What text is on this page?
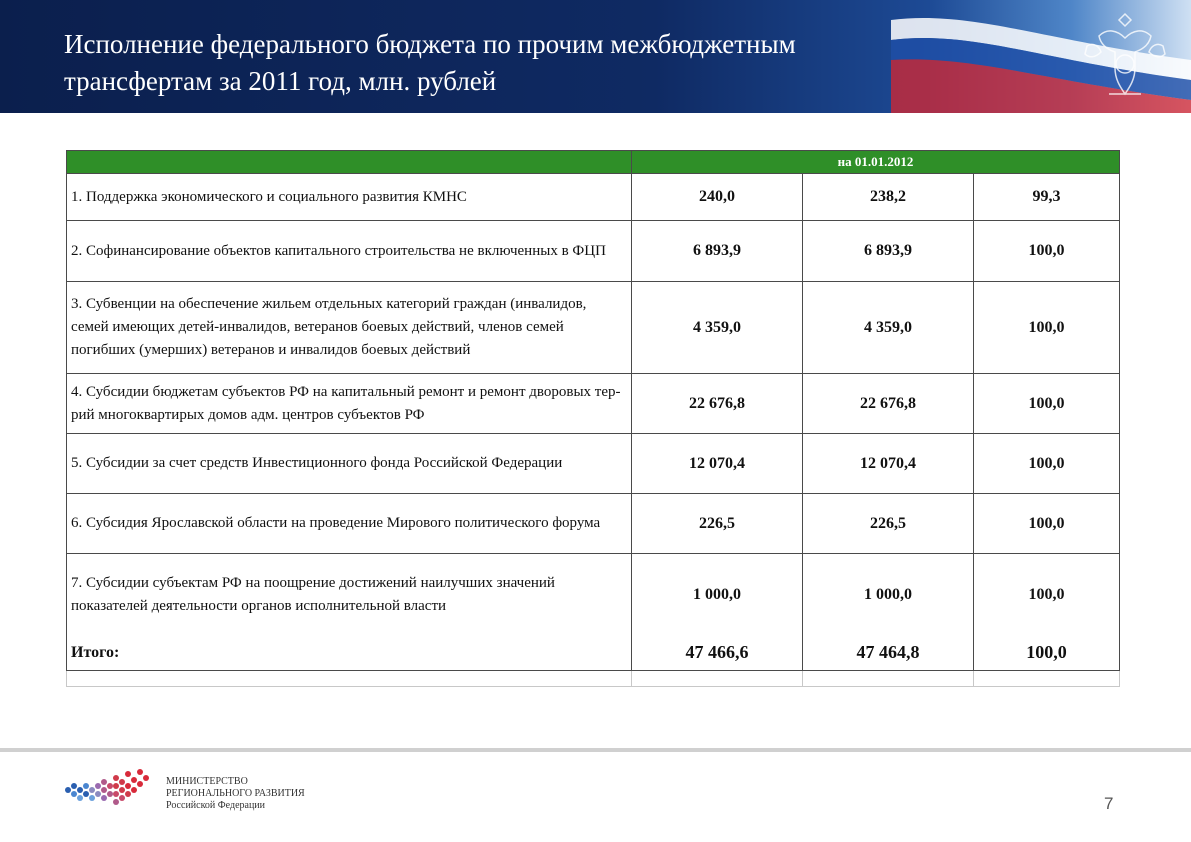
Исполнение федерального бюджета по прочим межбюджетным трансфертам за 2011 год, млн. рублей
	на 01.01.2012		
1. Поддержка экономического и социального развития КМНС	240,0	238,2	99,3
2. Софинансирование объектов капитального строительства не включенных в ФЦП	6 893,9	6 893,9	100,0
3. Субвенции на обеспечение жильем отдельных категорий граждан (инвалидов, семей имеющих детей-инвалидов, ветеранов боевых действий, членов семей погибших (умерших) ветеранов и инвалидов боевых действий	4 359,0	4 359,0	100,0
4. Субсидии бюджетам субъектов РФ на капитальный ремонт и ремонт дворовых тер-рий многоквартирых домов адм. центров субъектов РФ	22 676,8	22 676,8	100,0
5. Субсидии за счет средств Инвестиционного фонда Российской Федерации	12 070,4	12 070,4	100,0
6. Субсидия Ярославской области на проведение Мирового политического форума	226,5	226,5	100,0
7. Субсидии субъектам РФ на поощрение достижений наилучших значений показателей деятельности органов исполнительной власти	1 000,0	1 000,0	100,0
Итого:	47 466,6	47 464,8	100,0

МИНИСТЕРСТВО
РЕГИОНАЛЬНОГО РАЗВИТИЯ
Российской Федерации	7
